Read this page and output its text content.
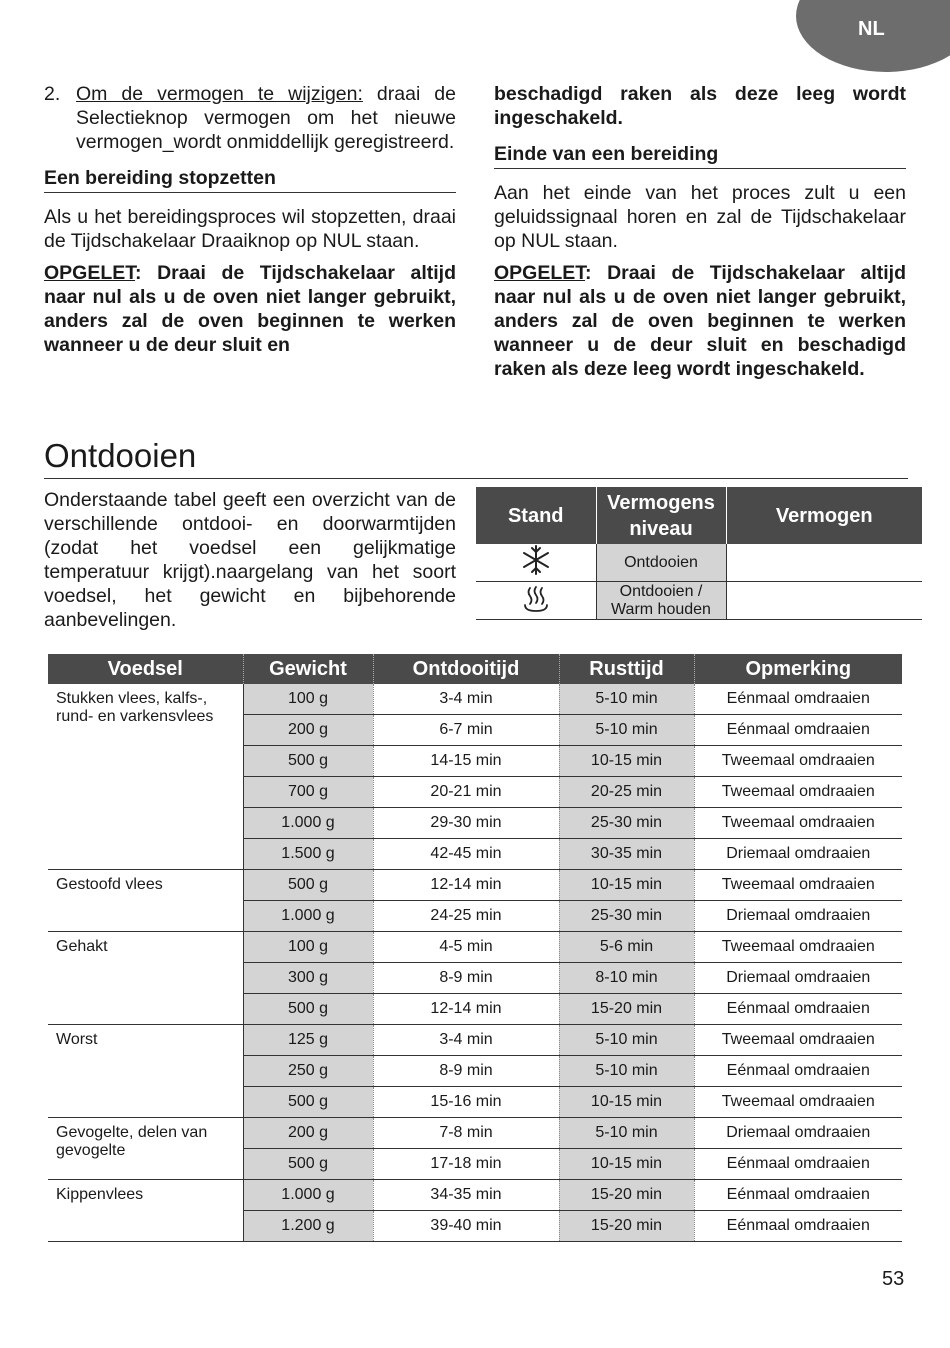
NL
2. Om de vermogen te wijzigen: draai de Selectieknop vermogen om het nieuwe vermogen_wordt onmiddellijk geregistreerd.

Een bereiding stopzetten

Als u het bereidingsproces wil stopzetten, draai de Tijdschakelaar Draaiknop op NUL staan.

OPGELET: Draai de Tijdschakelaar altijd naar nul als u de oven niet langer gebruikt, anders zal de oven beginnen te werken wanneer u de deur sluit en

beschadigd raken als deze leeg wordt ingeschakeld.

Einde van een bereiding

Aan het einde van het proces zult u een geluidssignaal horen en zal de Tijdschakelaar op NUL staan.

OPGELET: Draai de Tijdschakelaar altijd naar nul als u de oven niet langer gebruikt, anders zal de oven beginnen te werken wanneer u de deur sluit en beschadigd raken als deze leeg wordt ingeschakeld.

Ontdooien
Onderstaande tabel geeft een overzicht van de verschillende ontdooi- en doorwarmtijden (zodat het voedsel een gelijkmatige temperatuur krijgt).naargelang van het soort voedsel, het gewicht en bijbehorende aanbevelingen.
Stand	Vermogens niveau	Vermogen
	Ontdooien	
	Ontdooien / Warm houden	
Voedsel	Gewicht	Ontdooitijd	Rusttijd	Opmerking
Stukken vlees, kalfs-, rund- en varkensvlees	100 g	3-4 min	5-10 min	Eénmaal omdraaien
	200 g	6-7 min	5-10 min	Eénmaal omdraaien
	500 g	14-15 min	10-15 min	Tweemaal omdraaien
	700 g	20-21 min	20-25 min	Tweemaal omdraaien
	1.000 g	29-30 min	25-30 min	Tweemaal omdraaien
	1.500 g	42-45 min	30-35 min	Driemaal omdraaien
Gestoofd vlees	500 g	12-14 min	10-15 min	Tweemaal omdraaien
	1.000 g	24-25 min	25-30 min	Driemaal omdraaien
Gehakt	100 g	4-5 min	5-6 min	Tweemaal omdraaien
	300 g	8-9 min	8-10 min	Driemaal omdraaien
	500 g	12-14 min	15-20 min	Eénmaal omdraaien
Worst	125 g	3-4 min	5-10 min	Tweemaal omdraaien
	250 g	8-9 min	5-10 min	Eénmaal omdraaien
	500 g	15-16 min	10-15 min	Tweemaal omdraaien
Gevogelte, delen van gevogelte	200 g	7-8 min	5-10 min	Driemaal omdraaien
	500 g	17-18 min	10-15 min	Eénmaal omdraaien
Kippenvlees	1.000 g	34-35 min	15-20 min	Eénmaal omdraaien
	1.200 g	39-40 min	15-20 min	Eénmaal omdraaien
53
